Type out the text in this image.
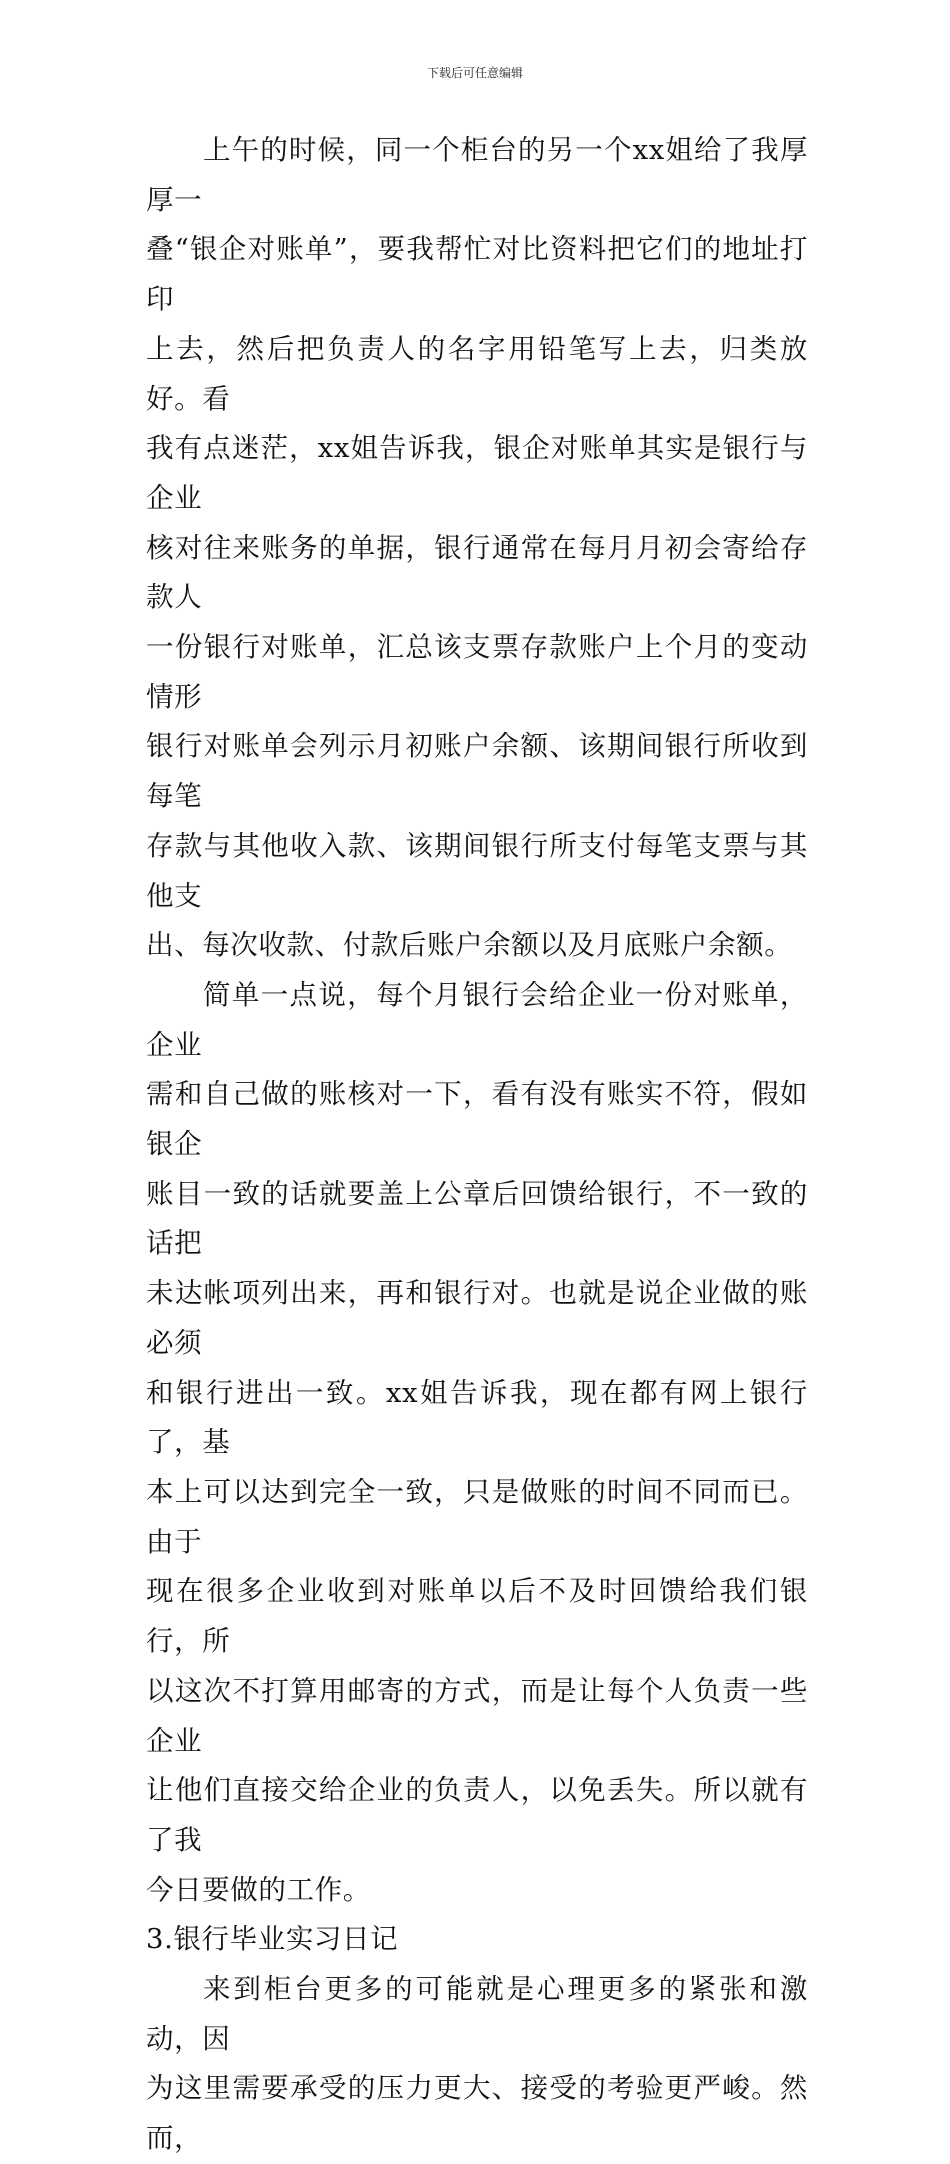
下载后可任意编辑

上午的时候，同一个柜台的另一个xx姐给了我厚厚一
叠“银企对账单”，要我帮忙对比资料把它们的地址打印
上去，然后把负责人的名字用铅笔写上去，归类放好。看
我有点迷茫，xx姐告诉我，银企对账单其实是银行与企业
核对往来账务的单据，银行通常在每月月初会寄给存款人
一份银行对账单，汇总该支票存款账户上个月的变动情形
银行对账单会列示月初账户余额、该期间银行所收到每笔
存款与其他收入款、该期间银行所支付每笔支票与其他支
出、每次收款、付款后账户余额以及月底账户余额。

简单一点说，每个月银行会给企业一份对账单，企业
需和自己做的账核对一下，看有没有账实不符，假如银企
账目一致的话就要盖上公章后回馈给银行，不一致的话把
未达帐项列出来，再和银行对。也就是说企业做的账必须
和银行进出一致。xx姐告诉我，现在都有网上银行了，基
本上可以达到完全一致，只是做账的时间不同而已。由于
现在很多企业收到对账单以后不及时回馈给我们银行，所
以这次不打算用邮寄的方式，而是让每个人负责一些企业
让他们直接交给企业的负责人，以免丢失。所以就有了我
今日要做的工作。

3.银行毕业实习日记

来到柜台更多的可能就是心理更多的紧张和激动，因
为这里需要承受的压力更大、接受的考验更严峻。然而，
